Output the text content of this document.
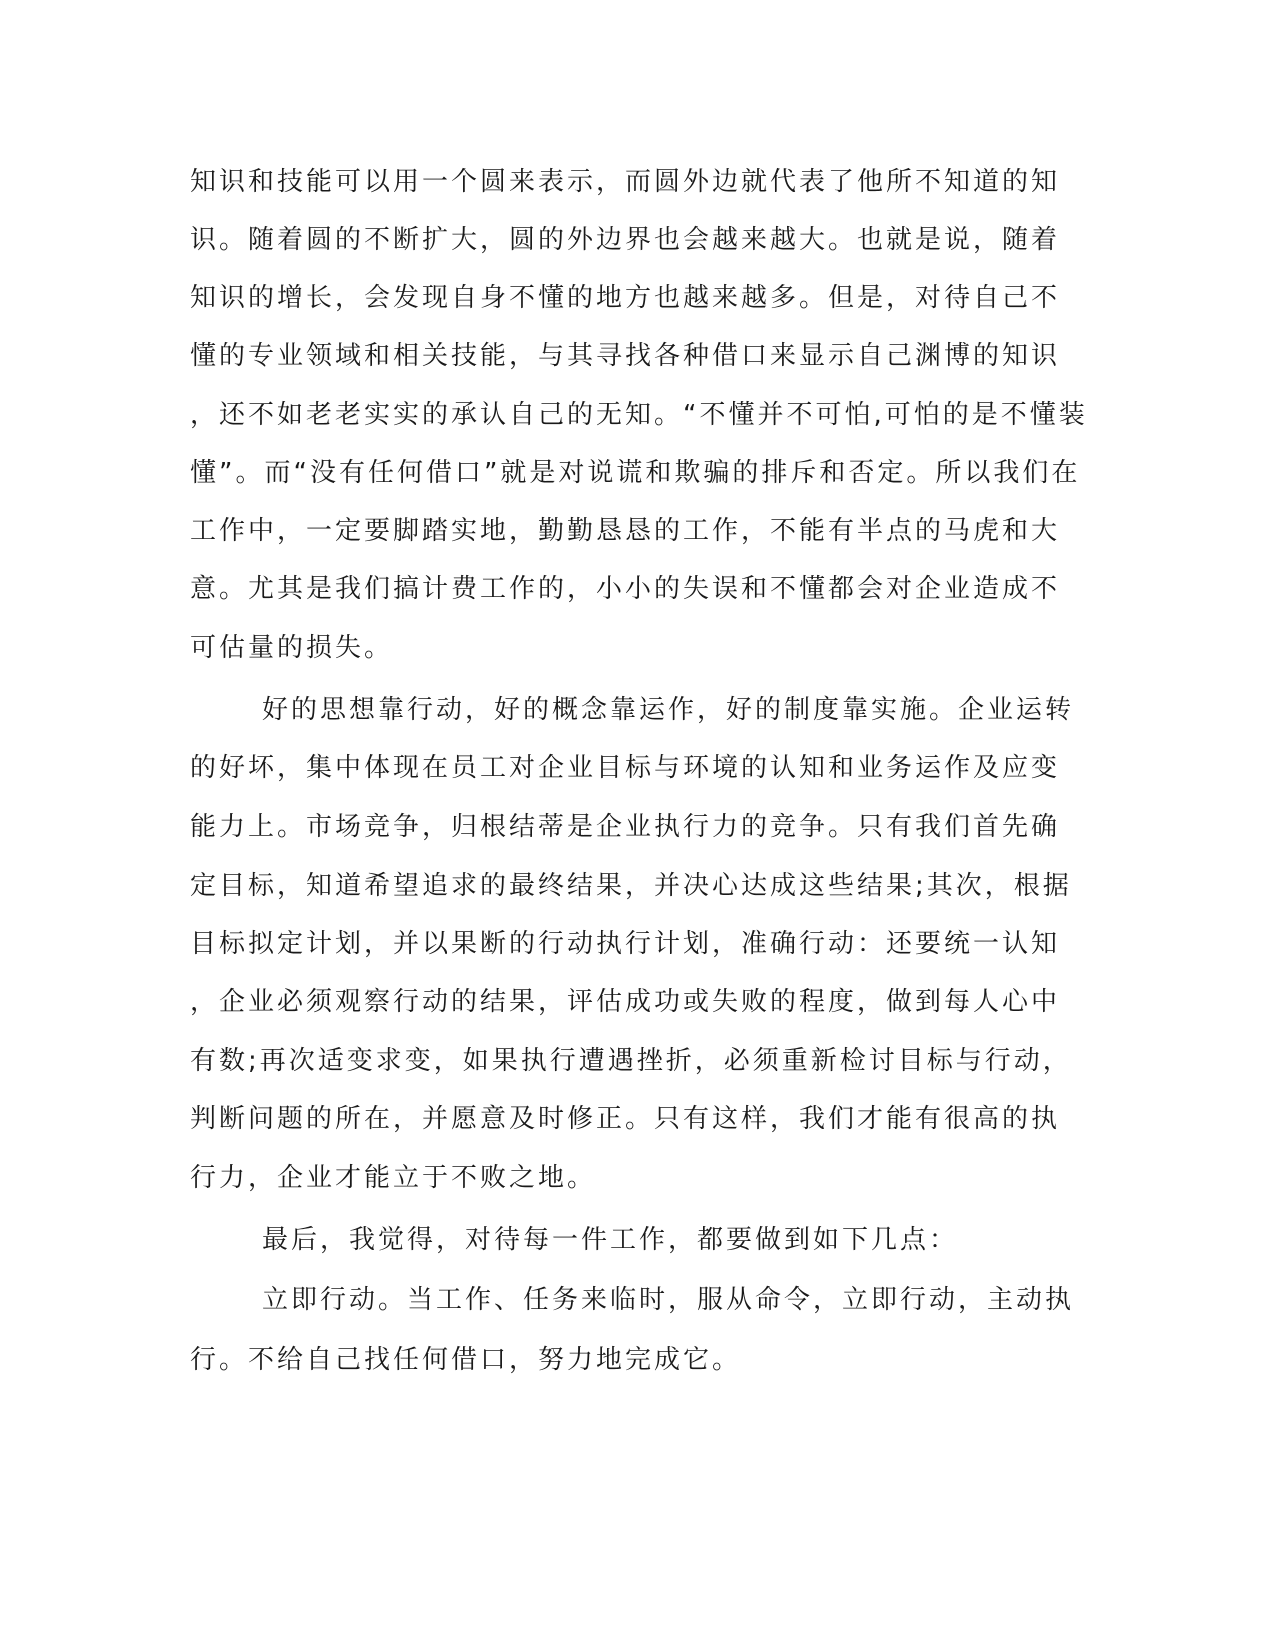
知识和技能可以用一个圆来表示，而圆外边就代表了他所不知道的知
识。随着圆的不断扩大，圆的外边界也会越来越大。也就是说，随着
知识的增长，会发现自身不懂的地方也越来越多。但是，对待自己不
懂的专业领域和相关技能，与其寻找各种借口来显示自己渊博的知识
，还不如老老实实的承认自己的无知。“不懂并不可怕,可怕的是不懂装
懂”。而“没有任何借口”就是对说谎和欺骗的排斥和否定。所以我们在
工作中，一定要脚踏实地，勤勤恳恳的工作，不能有半点的马虎和大
意。尤其是我们搞计费工作的，小小的失误和不懂都会对企业造成不
可估量的损失。
好的思想靠行动，好的概念靠运作，好的制度靠实施。企业运转
的好坏，集中体现在员工对企业目标与环境的认知和业务运作及应变
能力上。市场竞争，归根结蒂是企业执行力的竞争。只有我们首先确
定目标，知道希望追求的最终结果，并决心达成这些结果;其次，根据
目标拟定计划，并以果断的行动执行计划，准确行动：还要统一认知
，企业必须观察行动的结果，评估成功或失败的程度，做到每人心中
有数;再次适变求变，如果执行遭遇挫折，必须重新检讨目标与行动，
判断问题的所在，并愿意及时修正。只有这样，我们才能有很高的执
行力，企业才能立于不败之地。
最后，我觉得，对待每一件工作，都要做到如下几点：
立即行动。当工作、任务来临时，服从命令，立即行动，主动执
行。不给自己找任何借口，努力地完成它。
